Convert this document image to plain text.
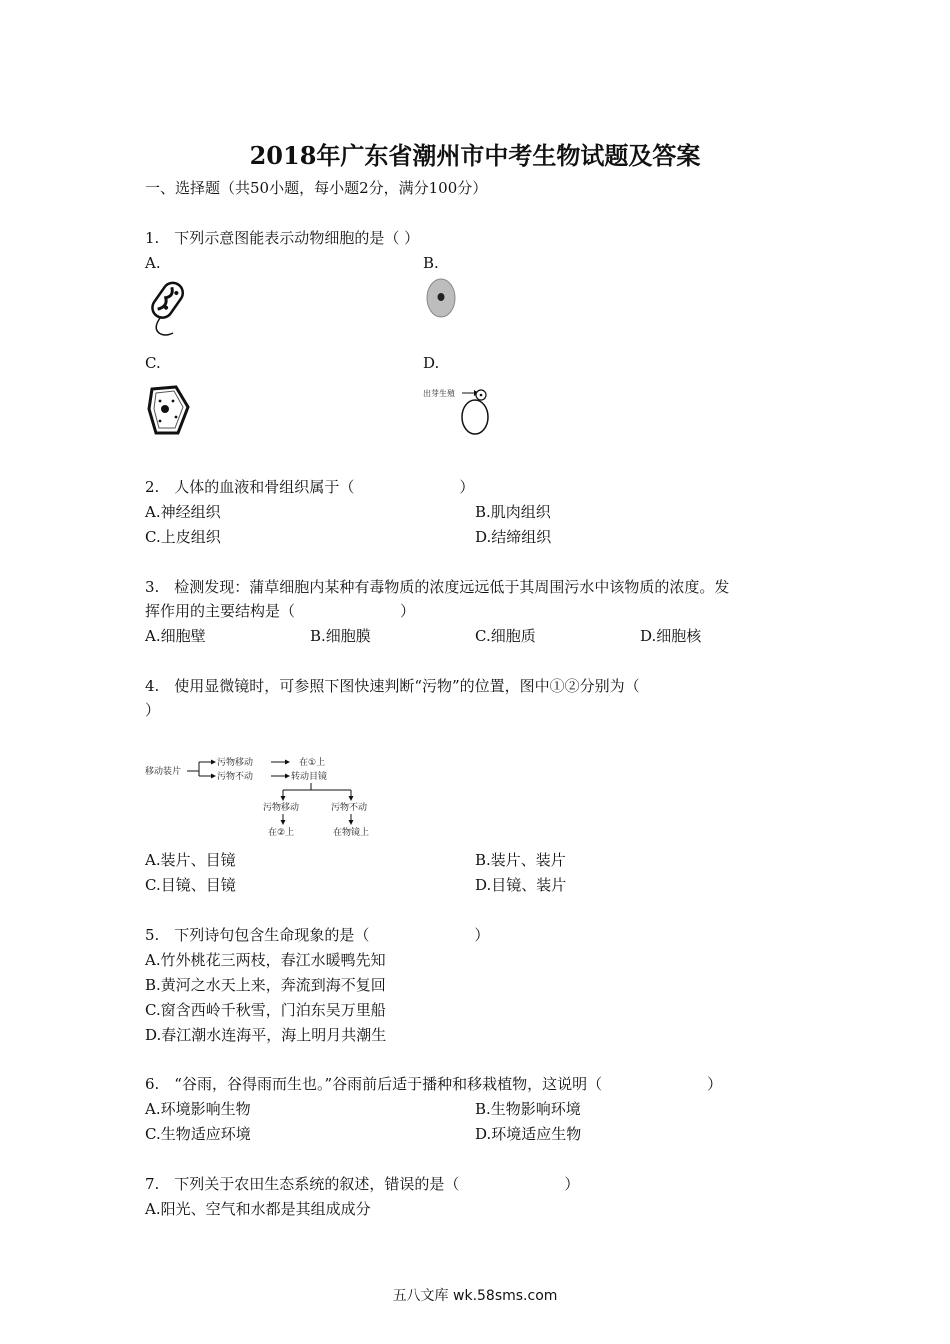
2018年广东省潮州市中考生物试题及答案
一、选择题（共50小题，每小题2分，满分100分）
1.　下列示意图能表示动物细胞的是（ ）
A.	B.
C.	D.
出芽生殖
2.　人体的血液和骨组织属于（　　　　　　　）
A.神经组织	B.肌肉组织
C.上皮组织	D.结缔组织
3.　检测发现：蒲草细胞内某种有毒物质的浓度远远低于其周围污水中该物质的浓度。发
挥作用的主要结构是（　　　　　　　）
A.细胞壁	B.细胞膜	C.细胞质	D.细胞核
4.　使用显微镜时，可参照下图快速判断“污物”的位置，图中①②分别为（
）
移动装片
污物移动
污物不动
在①上
转动目镜
污物移动	污物不动
在②上	在物镜上
A.装片、目镜	B.装片、装片
C.目镜、目镜	D.目镜、装片
5.　下列诗句包含生命现象的是（　　　　　　　）
A.竹外桃花三两枝，春江水暖鸭先知
B.黄河之水天上来，奔流到海不复回
C.窗含西岭千秋雪，门泊东吴万里船
D.春江潮水连海平，海上明月共潮生
6.　“谷雨，谷得雨而生也。”谷雨前后适于播种和移栽植物，这说明（　　　　　　　）
A.环境影响生物	B.生物影响环境
C.生物适应环境	D.环境适应生物
7.　下列关于农田生态系统的叙述，错误的是（　　　　　　　）
A.阳光、空气和水都是其组成成分
五八文库 wk.58sms.com
